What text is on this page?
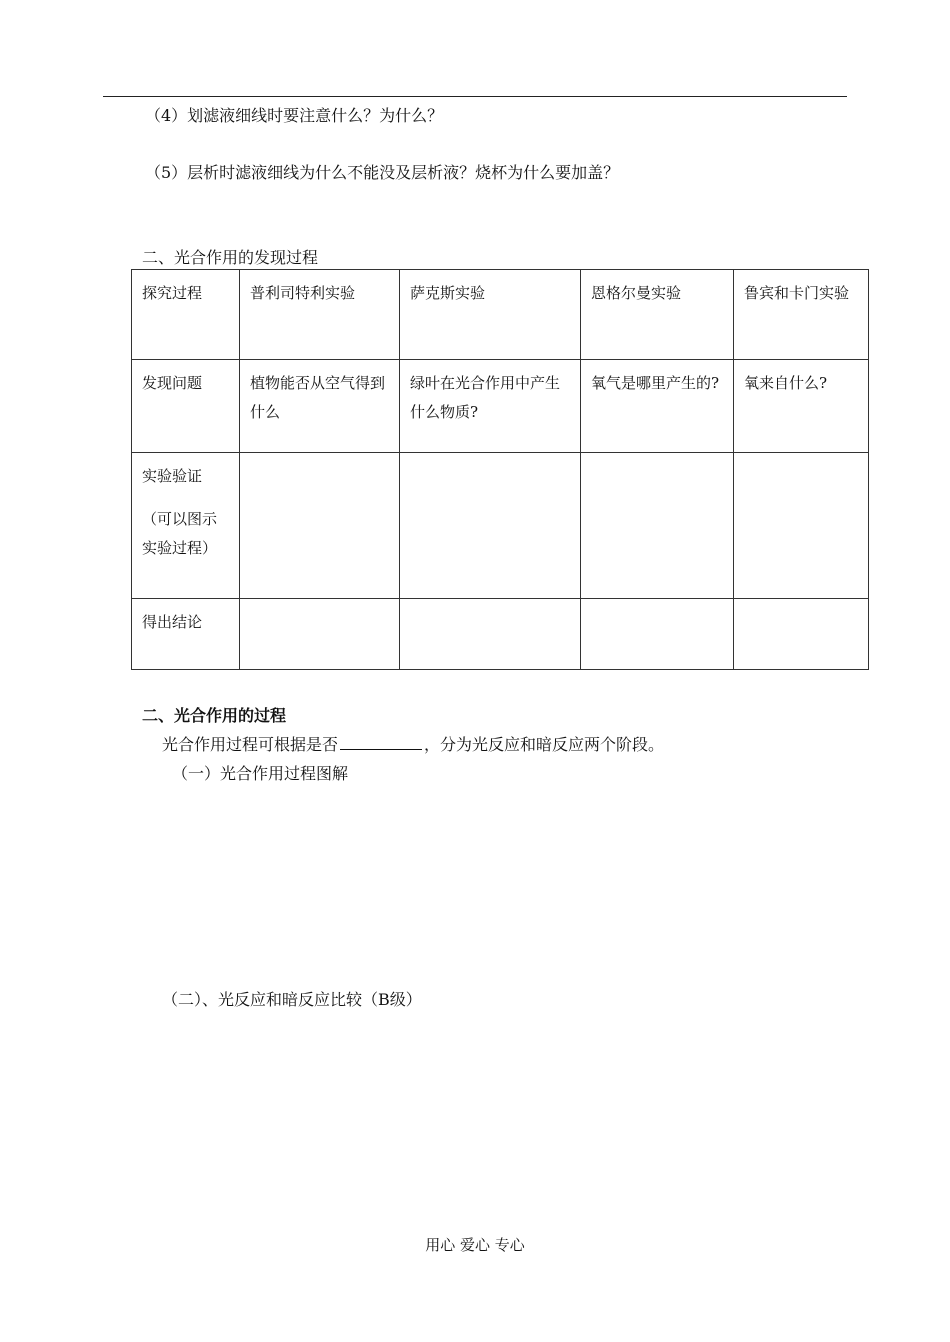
（4）划滤液细线时要注意什么？为什么？
（5）层析时滤液细线为什么不能没及层析液？烧杯为什么要加盖？
二、光合作用的发现过程
探究过程	普利司特利实验	萨克斯实验	恩格尔曼实验	鲁宾和卡门实验
发现问题	植物能否从空气得到什么	绿叶在光合作用中产生什么物质?	氧气是哪里产生的?	氧来自什么?

实验验证
（可以图示实验过程）				

得出结论				
二、光合作用的过程
光合作用过程可根据是否	，分为光反应和暗反应两个阶段。
（一）光合作用过程图解
（二）、光反应和暗反应比较（B级）
用心 爱心 专心
